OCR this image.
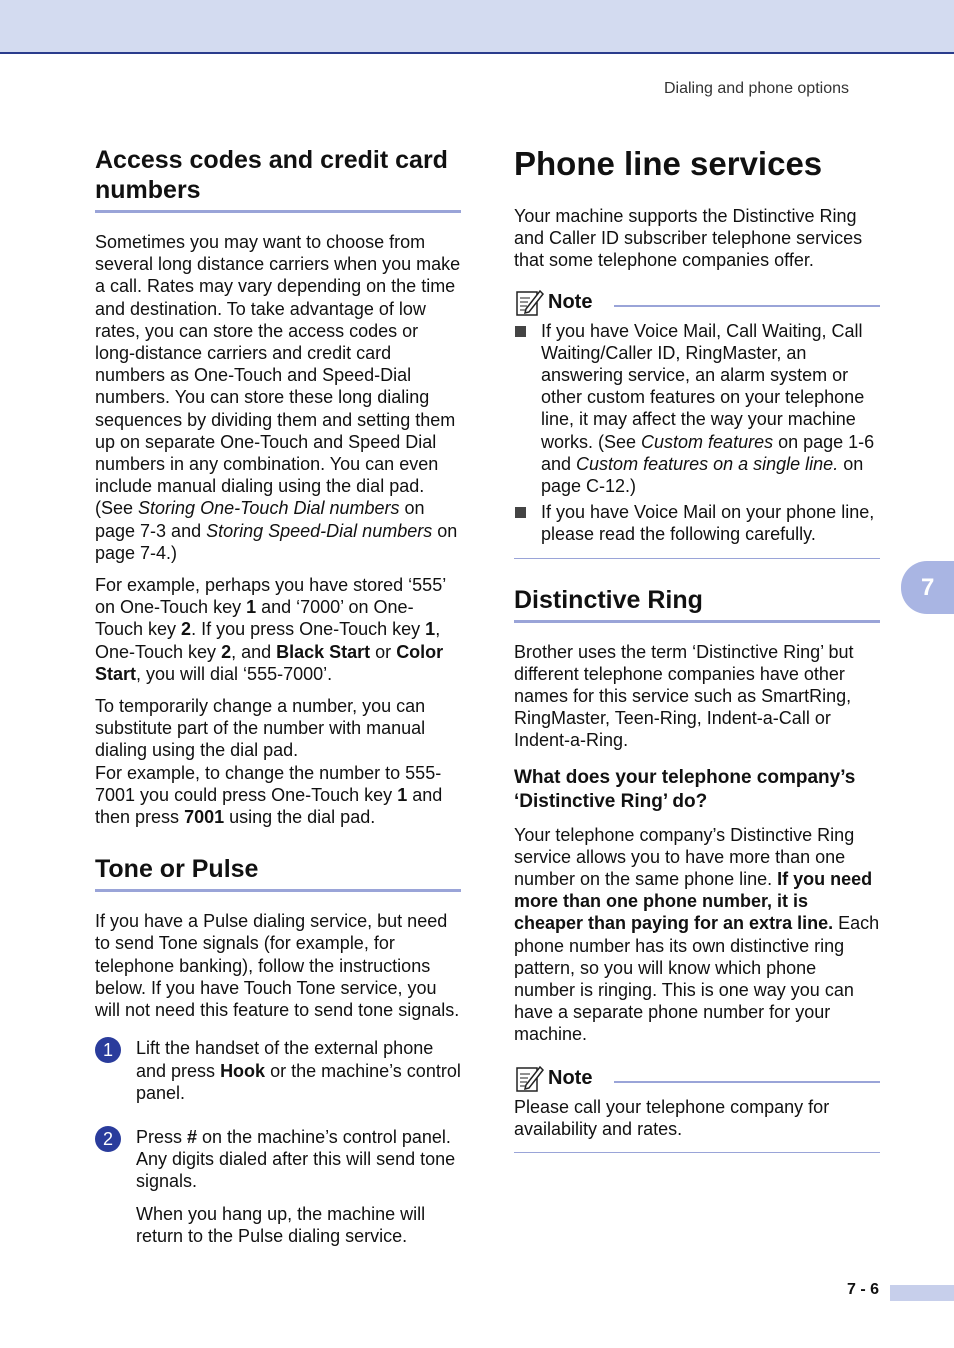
Dialing and phone options
Access codes and credit card numbers

Sometimes you may want to choose from several long distance carriers when you make a call. Rates may vary depending on the time and destination. To take advantage of low rates, you can store the access codes or long-distance carriers and credit card numbers as One-Touch and Speed-Dial numbers. You can store these long dialing sequences by dividing them and setting them up on separate One-Touch and Speed Dial numbers in any combination. You can even include manual dialing using the dial pad. (See Storing One-Touch Dial numbers on page 7-3 and Storing Speed-Dial numbers on page 7-4.)

For example, perhaps you have stored ‘555’ on One-Touch key 1 and ‘7000’ on One-Touch key 2. If you press One-Touch key 1, One-Touch key 2, and Black Start or Color Start, you will dial ‘555-7000’.

To temporarily change a number, you can substitute part of the number with manual dialing using the dial pad.

For example, to change the number to 555-7001 you could press One-Touch key 1 and then press 7001 using the dial pad.

Tone or Pulse

If you have a Pulse dialing service, but need to send Tone signals (for example, for telephone banking), follow the instructions below. If you have Touch Tone service, you will not need this feature to send tone signals.

1	Lift the handset of the external phone and press Hook or the machine’s control panel.

2	Press # on the machine’s control panel. Any digits dialed after this will send tone signals.

When you hang up, the machine will return to the Pulse dialing service.

Phone line services

Your machine supports the Distinctive Ring and Caller ID subscriber telephone services that some telephone companies offer.

Note
If you have Voice Mail, Call Waiting, Call Waiting/Caller ID, RingMaster, an answering service, an alarm system or other custom features on your telephone line, it may affect the way your machine works. (See Custom features on page 1-6 and Custom features on a single line. on page C-12.)
If you have Voice Mail on your phone line, please read the following carefully.
Distinctive Ring

Brother uses the term ‘Distinctive Ring’ but different telephone companies have other names for this service such as SmartRing, RingMaster, Teen-Ring, Indent-a-Call or Indent-a-Ring.

What does your telephone company’s ‘Distinctive Ring’ do?

Your telephone company’s Distinctive Ring service allows you to have more than one number on the same phone line. If you need more than one phone number, it is cheaper than paying for an extra line. Each phone number has its own distinctive ring pattern, so you will know which phone number is ringing. This is one way you can have a separate phone number for your machine.

Note
Please call your telephone company for availability and rates.
7
7 - 6
